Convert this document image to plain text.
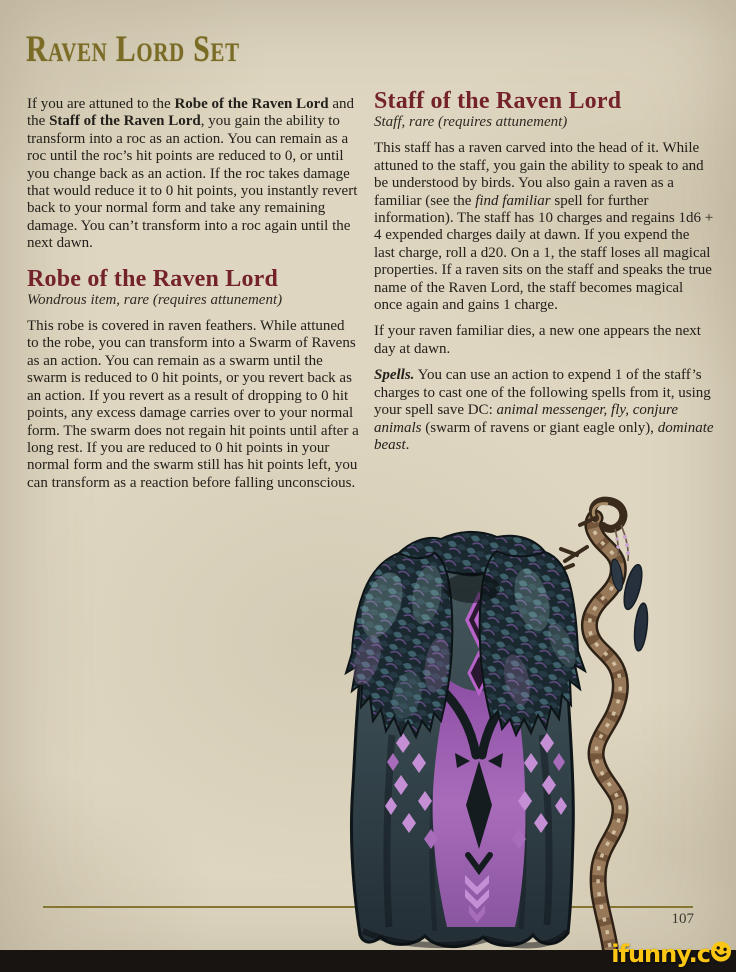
Raven Lord Set

If you are attuned to the Robe of the Raven Lord and the Staff of the Raven Lord, you gain the ability to transform into a roc as an action. You can remain as a roc until the roc’s hit points are reduced to 0, or until you change back as an action. If the roc takes damage that would reduce it to 0 hit points, you instantly revert back to your normal form and take any remaining damage. You can’t transform into a roc again until the next dawn.

Robe of the Raven Lord

Wondrous item, rare (requires attunement)

This robe is covered in raven feathers. While attuned to the robe, you can transform into a Swarm of Ravens as an action. You can remain as a swarm until the swarm is reduced to 0 hit points, or you revert back as an action. If you revert as a result of dropping to 0 hit points, any excess damage carries over to your normal form. The swarm does not regain hit points until after a long rest. If you are reduced to 0 hit points in your normal form and the swarm still has hit points left, you can transform as a reaction before falling unconscious.

Staff of the Raven Lord

Staff, rare (requires attunement)

This staff has a raven carved into the head of it. While attuned to the staff, you gain the ability to speak to and be understood by birds. You also gain a raven as a familiar (see the find familiar spell for further information). The staff has 10 charges and regains 1d6 + 4 expended charges daily at dawn. If you expend the last charge, roll a d20. On a 1, the staff loses all magical properties. If a raven sits on the staff and speaks the true name of the Raven Lord, the staff becomes magical once again and gains 1 charge.

If your raven familiar dies, a new one appears the next day at dawn.

Spells. You can use an action to expend 1 of the staff’s charges to cast one of the following spells from it, using your spell save DC: animal messenger, fly, conjure animals (swarm of ravens or giant eagle only), dominate beast.

107
ifunny.c
